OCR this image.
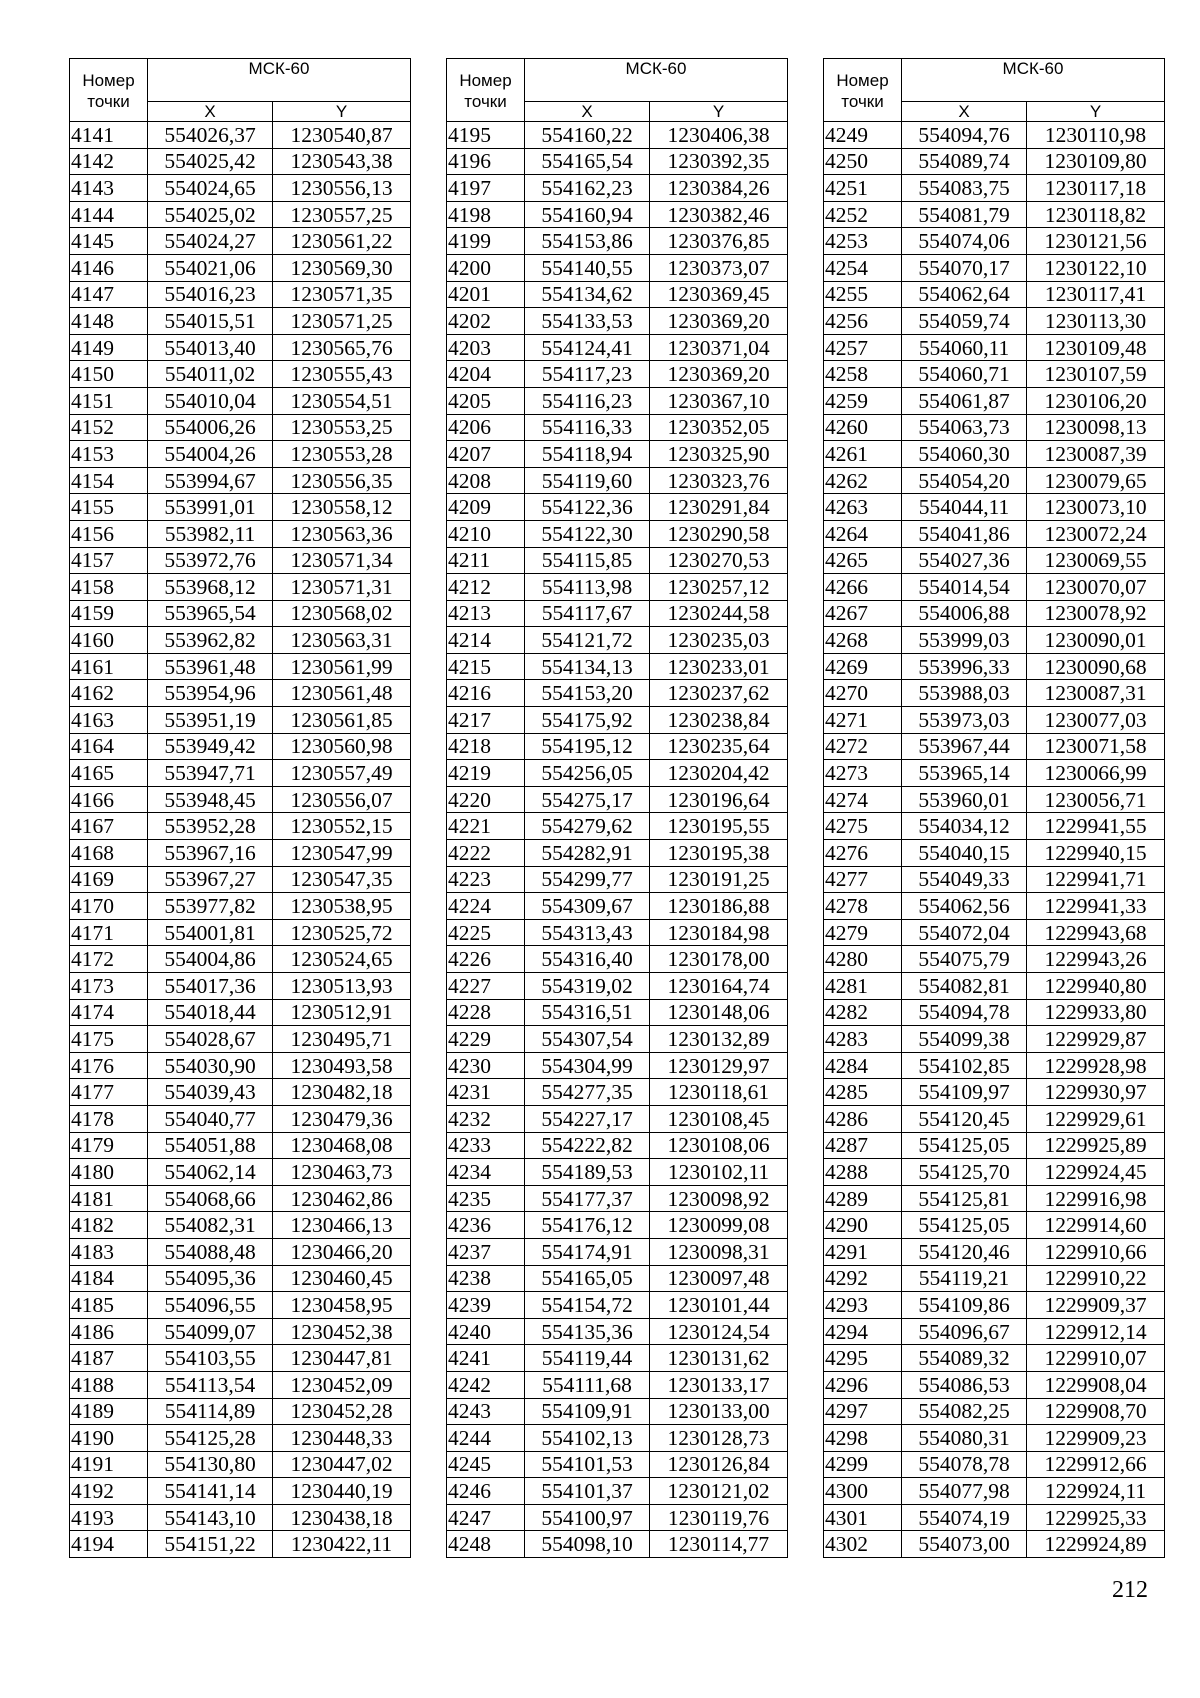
Номер
точки	МСК-60	
	X	Y
4141	554026,37	1230540,87
4142	554025,42	1230543,38
4143	554024,65	1230556,13
4144	554025,02	1230557,25
4145	554024,27	1230561,22
4146	554021,06	1230569,30
4147	554016,23	1230571,35
4148	554015,51	1230571,25
4149	554013,40	1230565,76
4150	554011,02	1230555,43
4151	554010,04	1230554,51
4152	554006,26	1230553,25
4153	554004,26	1230553,28
4154	553994,67	1230556,35
4155	553991,01	1230558,12
4156	553982,11	1230563,36
4157	553972,76	1230571,34
4158	553968,12	1230571,31
4159	553965,54	1230568,02
4160	553962,82	1230563,31
4161	553961,48	1230561,99
4162	553954,96	1230561,48
4163	553951,19	1230561,85
4164	553949,42	1230560,98
4165	553947,71	1230557,49
4166	553948,45	1230556,07
4167	553952,28	1230552,15
4168	553967,16	1230547,99
4169	553967,27	1230547,35
4170	553977,82	1230538,95
4171	554001,81	1230525,72
4172	554004,86	1230524,65
4173	554017,36	1230513,93
4174	554018,44	1230512,91
4175	554028,67	1230495,71
4176	554030,90	1230493,58
4177	554039,43	1230482,18
4178	554040,77	1230479,36
4179	554051,88	1230468,08
4180	554062,14	1230463,73
4181	554068,66	1230462,86
4182	554082,31	1230466,13
4183	554088,48	1230466,20
4184	554095,36	1230460,45
4185	554096,55	1230458,95
4186	554099,07	1230452,38
4187	554103,55	1230447,81
4188	554113,54	1230452,09
4189	554114,89	1230452,28
4190	554125,28	1230448,33
4191	554130,80	1230447,02
4192	554141,14	1230440,19
4193	554143,10	1230438,18
4194	554151,22	1230422,11
Номер
точки	МСК-60	
	X	Y
4195	554160,22	1230406,38
4196	554165,54	1230392,35
4197	554162,23	1230384,26
4198	554160,94	1230382,46
4199	554153,86	1230376,85
4200	554140,55	1230373,07
4201	554134,62	1230369,45
4202	554133,53	1230369,20
4203	554124,41	1230371,04
4204	554117,23	1230369,20
4205	554116,23	1230367,10
4206	554116,33	1230352,05
4207	554118,94	1230325,90
4208	554119,60	1230323,76
4209	554122,36	1230291,84
4210	554122,30	1230290,58
4211	554115,85	1230270,53
4212	554113,98	1230257,12
4213	554117,67	1230244,58
4214	554121,72	1230235,03
4215	554134,13	1230233,01
4216	554153,20	1230237,62
4217	554175,92	1230238,84
4218	554195,12	1230235,64
4219	554256,05	1230204,42
4220	554275,17	1230196,64
4221	554279,62	1230195,55
4222	554282,91	1230195,38
4223	554299,77	1230191,25
4224	554309,67	1230186,88
4225	554313,43	1230184,98
4226	554316,40	1230178,00
4227	554319,02	1230164,74
4228	554316,51	1230148,06
4229	554307,54	1230132,89
4230	554304,99	1230129,97
4231	554277,35	1230118,61
4232	554227,17	1230108,45
4233	554222,82	1230108,06
4234	554189,53	1230102,11
4235	554177,37	1230098,92
4236	554176,12	1230099,08
4237	554174,91	1230098,31
4238	554165,05	1230097,48
4239	554154,72	1230101,44
4240	554135,36	1230124,54
4241	554119,44	1230131,62
4242	554111,68	1230133,17
4243	554109,91	1230133,00
4244	554102,13	1230128,73
4245	554101,53	1230126,84
4246	554101,37	1230121,02
4247	554100,97	1230119,76
4248	554098,10	1230114,77
Номер
точки	МСК-60	
	X	Y
4249	554094,76	1230110,98
4250	554089,74	1230109,80
4251	554083,75	1230117,18
4252	554081,79	1230118,82
4253	554074,06	1230121,56
4254	554070,17	1230122,10
4255	554062,64	1230117,41
4256	554059,74	1230113,30
4257	554060,11	1230109,48
4258	554060,71	1230107,59
4259	554061,87	1230106,20
4260	554063,73	1230098,13
4261	554060,30	1230087,39
4262	554054,20	1230079,65
4263	554044,11	1230073,10
4264	554041,86	1230072,24
4265	554027,36	1230069,55
4266	554014,54	1230070,07
4267	554006,88	1230078,92
4268	553999,03	1230090,01
4269	553996,33	1230090,68
4270	553988,03	1230087,31
4271	553973,03	1230077,03
4272	553967,44	1230071,58
4273	553965,14	1230066,99
4274	553960,01	1230056,71
4275	554034,12	1229941,55
4276	554040,15	1229940,15
4277	554049,33	1229941,71
4278	554062,56	1229941,33
4279	554072,04	1229943,68
4280	554075,79	1229943,26
4281	554082,81	1229940,80
4282	554094,78	1229933,80
4283	554099,38	1229929,87
4284	554102,85	1229928,98
4285	554109,97	1229930,97
4286	554120,45	1229929,61
4287	554125,05	1229925,89
4288	554125,70	1229924,45
4289	554125,81	1229916,98
4290	554125,05	1229914,60
4291	554120,46	1229910,66
4292	554119,21	1229910,22
4293	554109,86	1229909,37
4294	554096,67	1229912,14
4295	554089,32	1229910,07
4296	554086,53	1229908,04
4297	554082,25	1229908,70
4298	554080,31	1229909,23
4299	554078,78	1229912,66
4300	554077,98	1229924,11
4301	554074,19	1229925,33
4302	554073,00	1229924,89
212
